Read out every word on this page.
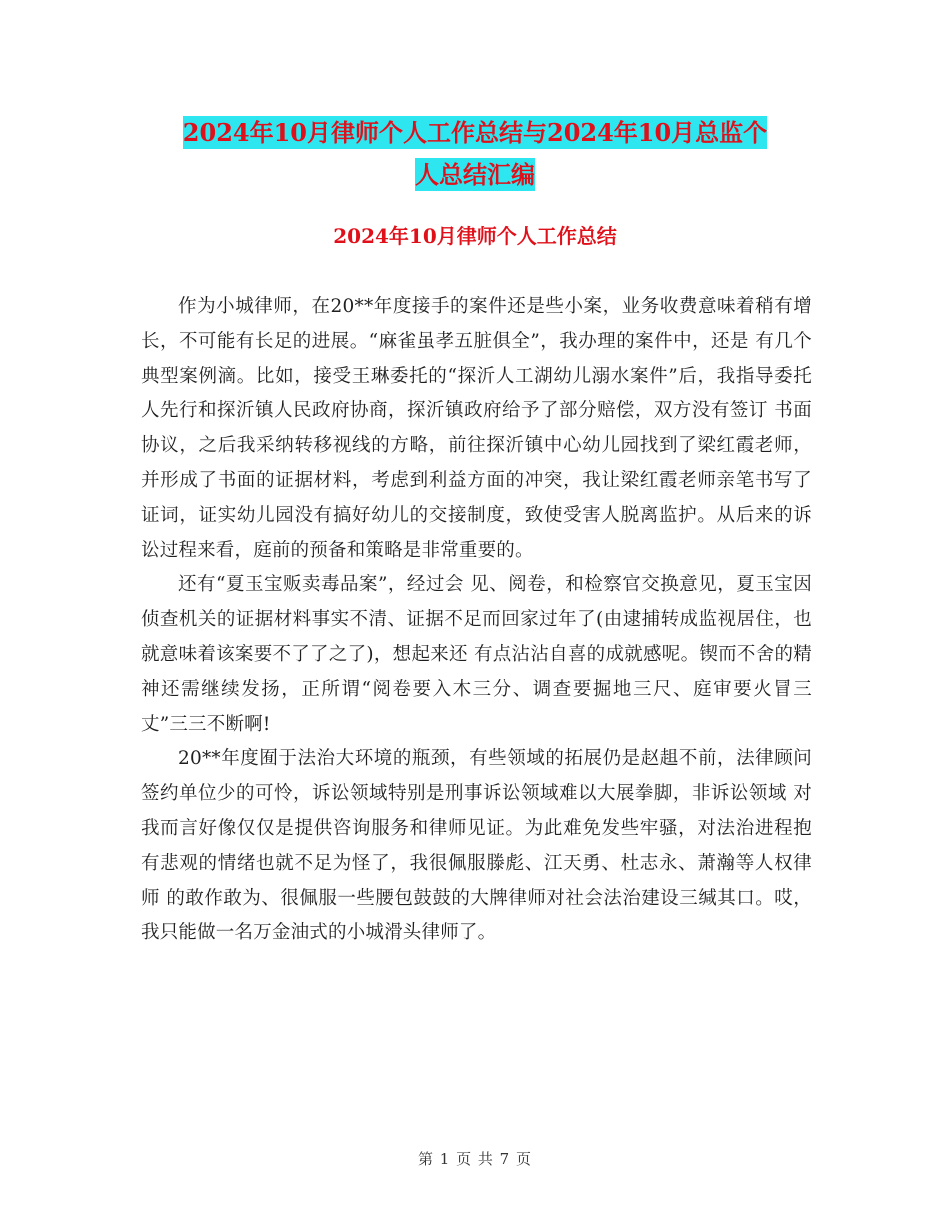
2024年10月律师个人工作总结与2024年10月总监个
人总结汇编
2024年10月律师个人工作总结

作为小城律师，在20**年度接手的案件还是些小案，业务收费意味着稍有增长，不可能有长足的进展。“麻雀虽孝五脏俱全”，我办理的案件中，还是 有几个典型案例滴。比如，接受王琳委托的“探沂人工湖幼儿溺水案件”后，我指导委托人先行和探沂镇人民政府协商，探沂镇政府给予了部分赔偿，双方没有签订 书面协议，之后我采纳转移视线的方略，前往探沂镇中心幼儿园找到了梁红霞老师，并形成了书面的证据材料，考虑到利益方面的冲突，我让梁红霞老师亲笔书写了 证词，证实幼儿园没有搞好幼儿的交接制度，致使受害人脱离监护。从后来的诉讼过程来看，庭前的预备和策略是非常重要的。

还有“夏玉宝贩卖毒品案”，经过会 见、阅卷，和检察官交换意见，夏玉宝因侦查机关的证据材料事实不清、证据不足而回家过年了(由逮捕转成监视居住，也就意味着该案要不了了之了)，想起来还 有点沾沾自喜的成就感呢。锲而不舍的精神还需继续发扬，正所谓“阅卷要入木三分、调查要掘地三尺、庭审要火冒三丈”三三不断啊!

20**年度囿于法治大环境的瓶颈，有些领域的拓展仍是赵趄不前，法律顾问签约单位少的可怜，诉讼领域特别是刑事诉讼领域难以大展拳脚，非诉讼领域 对我而言好像仅仅是提供咨询服务和律师见证。为此难免发些牢骚，对法治进程抱有悲观的情绪也就不足为怪了，我很佩服滕彪、江天勇、杜志永、萧瀚等人权律师 的敢作敢为、很佩服一些腰包鼓鼓的大牌律师对社会法治建设三缄其口。哎，我只能做一名万金油式的小城滑头律师了。

第 1 页 共 7 页
